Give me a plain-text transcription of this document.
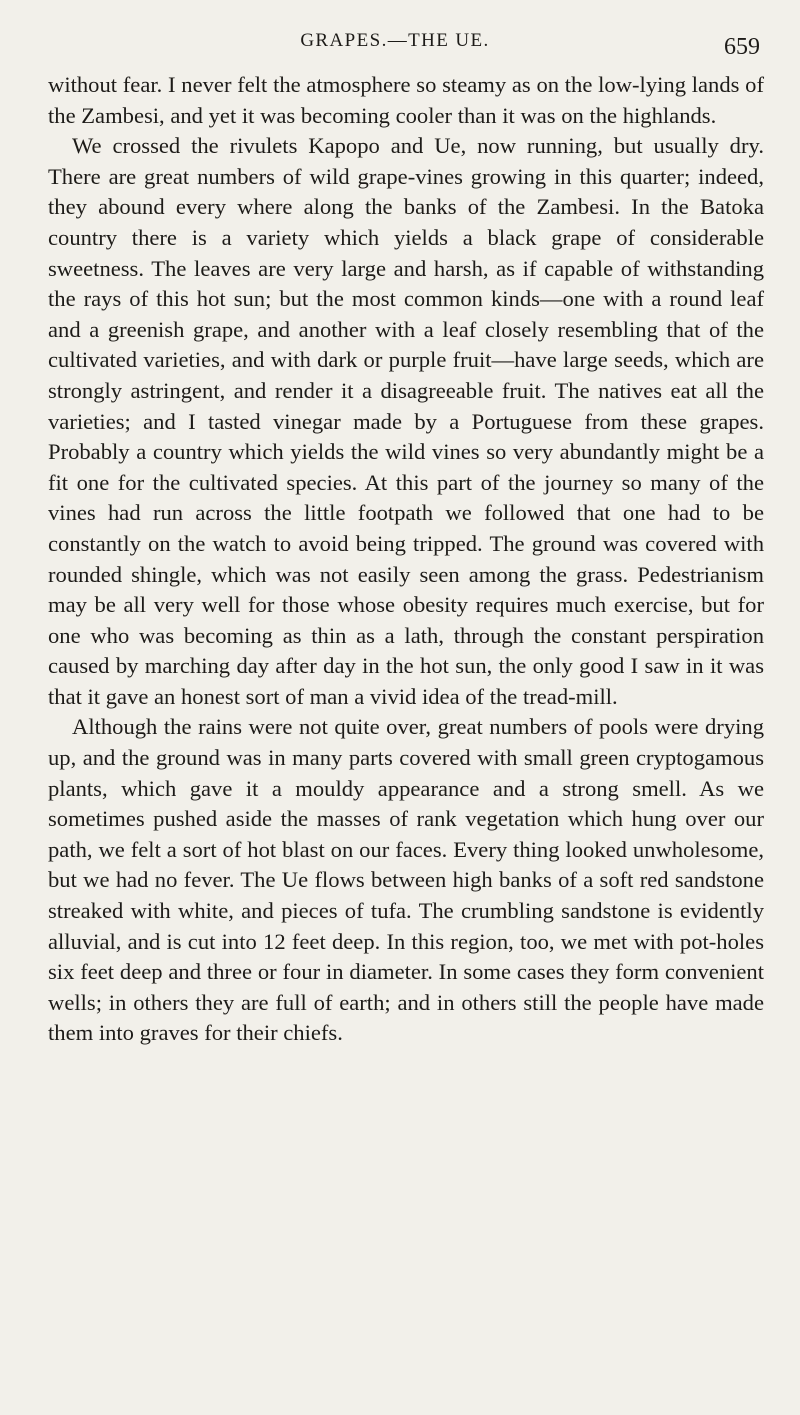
GRAPES.—THE UE.	659

without fear. I never felt the atmosphere so steamy as on the low-lying lands of the Zambesi, and yet it was becoming cooler than it was on the highlands.

We crossed the rivulets Kapopo and Ue, now running, but usually dry. There are great numbers of wild grape-vines growing in this quarter; indeed, they abound every where along the banks of the Zambesi. In the Batoka country there is a variety which yields a black grape of considerable sweetness. The leaves are very large and harsh, as if capable of withstanding the rays of this hot sun; but the most common kinds—one with a round leaf and a greenish grape, and another with a leaf closely resembling that of the cultivated varieties, and with dark or purple fruit—have large seeds, which are strongly astringent, and render it a disagreeable fruit. The natives eat all the varieties; and I tasted vinegar made by a Portuguese from these grapes. Probably a country which yields the wild vines so very abundantly might be a fit one for the cultivated species. At this part of the journey so many of the vines had run across the little footpath we followed that one had to be constantly on the watch to avoid being tripped. The ground was covered with rounded shingle, which was not easily seen among the grass. Pedestrianism may be all very well for those whose obesity requires much exercise, but for one who was becoming as thin as a lath, through the constant perspiration caused by marching day after day in the hot sun, the only good I saw in it was that it gave an honest sort of man a vivid idea of the tread-mill.

Although the rains were not quite over, great numbers of pools were drying up, and the ground was in many parts covered with small green cryptogamous plants, which gave it a mouldy appearance and a strong smell. As we sometimes pushed aside the masses of rank vegetation which hung over our path, we felt a sort of hot blast on our faces. Every thing looked unwholesome, but we had no fever. The Ue flows between high banks of a soft red sandstone streaked with white, and pieces of tufa. The crumbling sandstone is evidently alluvial, and is cut into 12 feet deep. In this region, too, we met with pot-holes six feet deep and three or four in diameter. In some cases they form convenient wells; in others they are full of earth; and in others still the people have made them into graves for their chiefs.
